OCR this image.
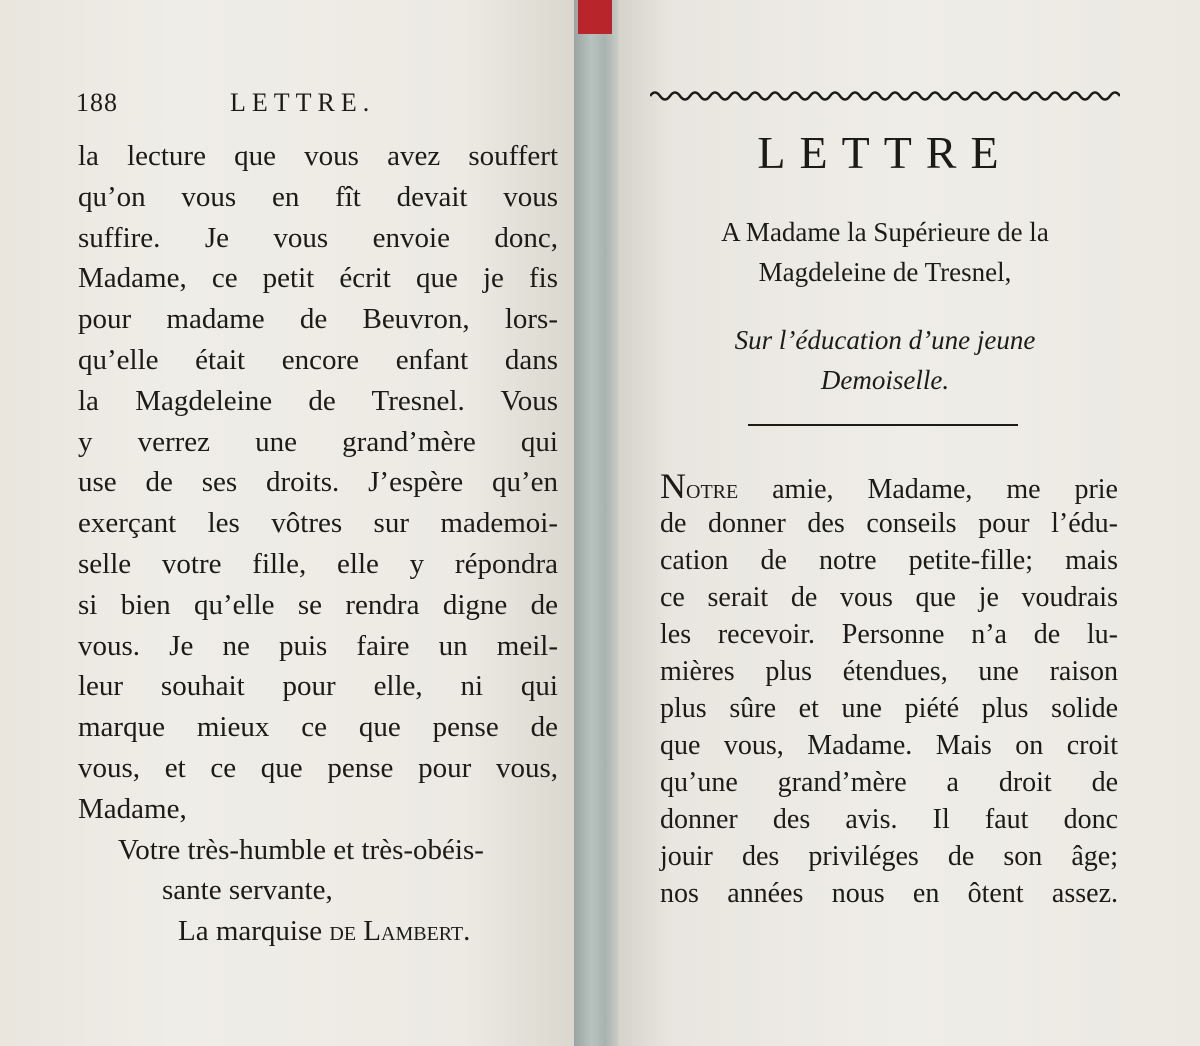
188	LETTRE.
la lecture que vous avez souffert
qu’on vous en fît devait vous
suffire. Je vous envoie donc,
Madame, ce petit écrit que je fis
pour madame de Beuvron, lors-
qu’elle était encore enfant dans
la Magdeleine de Tresnel. Vous
y verrez une grand’mère qui
use de ses droits. J’espère qu’en
exerçant les vôtres sur mademoi-
selle votre fille, elle y répondra
si bien qu’elle se rendra digne de
vous. Je ne puis faire un meil-
leur souhait pour elle, ni qui
marque mieux ce que pense de
vous, et ce que pense pour vous,
Madame,
Votre très-humble et très-obéis-
sante servante,
La marquise de Lambert.
LETTRE
A Madame la Supérieure de la
Magdeleine de Tresnel,
Sur l’éducation d’une jeune
Demoiselle.
Notre amie, Madame, me prie
de donner des conseils pour l’édu-
cation de notre petite-fille; mais
ce serait de vous que je voudrais
les recevoir. Personne n’a de lu-
mières plus étendues, une raison
plus sûre et une piété plus solide
que vous, Madame. Mais on croit
qu’une grand’mère a droit de
donner des avis. Il faut donc
jouir des priviléges de son âge;
nos années nous en ôtent assez.
